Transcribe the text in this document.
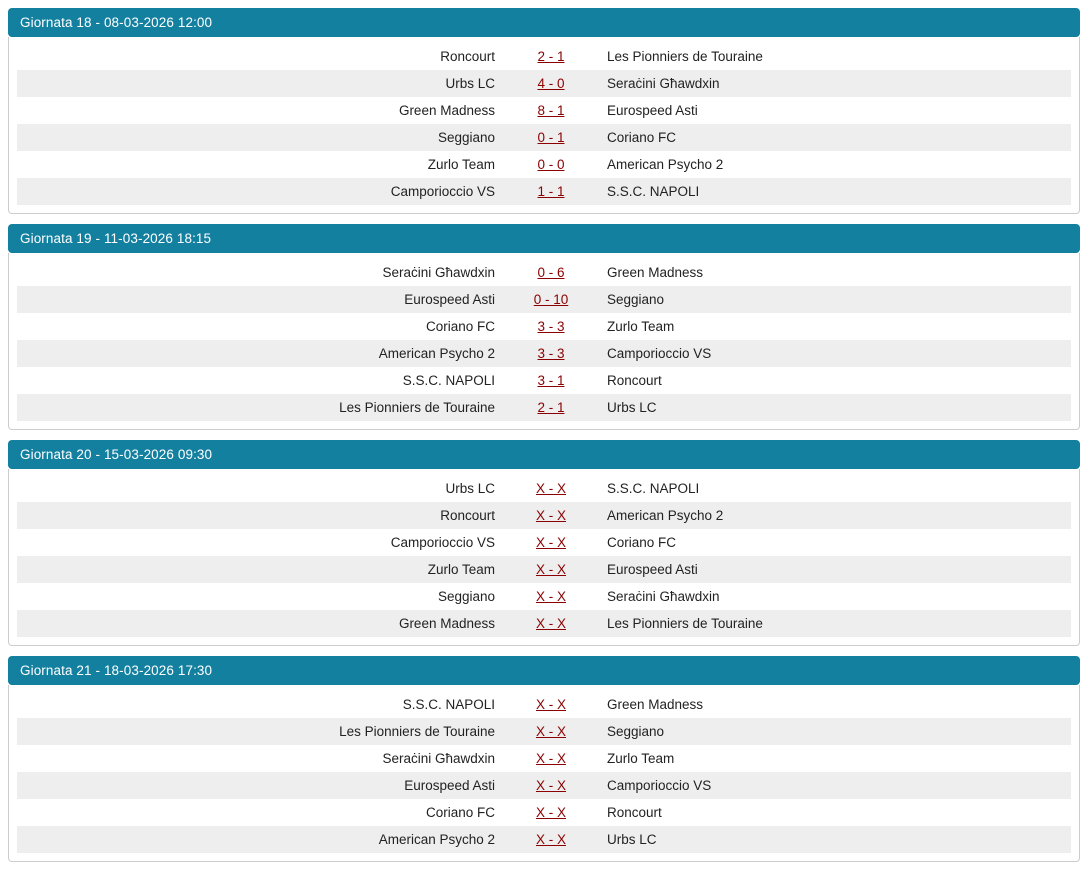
Giornata 18 - 08-03-2026 12:00
Roncourt	2 - 1	Les Pionniers de Touraine
Urbs LC	4 - 0	Seraċini Għawdxin
Green Madness	8 - 1	Eurospeed Asti
Seggiano	0 - 1	Coriano FC
Zurlo Team	0 - 0	American Psycho 2
Camporioccio VS	1 - 1	S.S.C. NAPOLI
Giornata 19 - 11-03-2026 18:15
Seraċini Għawdxin	0 - 6	Green Madness
Eurospeed Asti	0 - 10	Seggiano
Coriano FC	3 - 3	Zurlo Team
American Psycho 2	3 - 3	Camporioccio VS
S.S.C. NAPOLI	3 - 1	Roncourt
Les Pionniers de Touraine	2 - 1	Urbs LC
Giornata 20 - 15-03-2026 09:30
Urbs LC	X - X	S.S.C. NAPOLI
Roncourt	X - X	American Psycho 2
Camporioccio VS	X - X	Coriano FC
Zurlo Team	X - X	Eurospeed Asti
Seggiano	X - X	Seraċini Għawdxin
Green Madness	X - X	Les Pionniers de Touraine
Giornata 21 - 18-03-2026 17:30
S.S.C. NAPOLI	X - X	Green Madness
Les Pionniers de Touraine	X - X	Seggiano
Seraċini Għawdxin	X - X	Zurlo Team
Eurospeed Asti	X - X	Camporioccio VS
Coriano FC	X - X	Roncourt
American Psycho 2	X - X	Urbs LC
